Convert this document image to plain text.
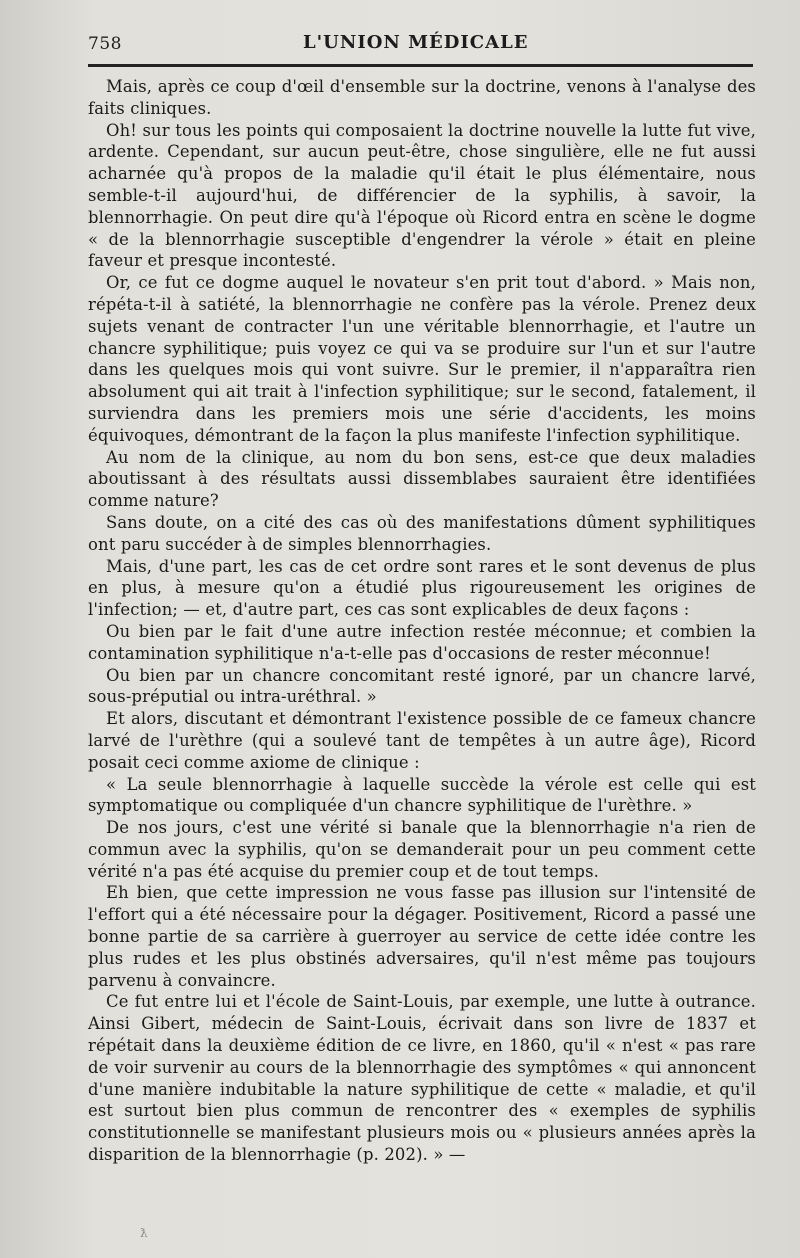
758	L'UNION MÉDICALE

Mais, après ce coup d'œil d'ensemble sur la doctrine, venons à l'analyse des faits cliniques.

Oh! sur tous les points qui composaient la doctrine nouvelle la lutte fut vive, ardente. Cependant, sur aucun peut-être, chose singulière, elle ne fut aussi acharnée qu'à propos de la maladie qu'il était le plus élémentaire, nous semble-t-il aujourd'hui, de différencier de la syphilis, à savoir, la blennorrhagie. On peut dire qu'à l'époque où Ricord entra en scène le dogme « de la blennorrhagie susceptible d'engendrer la vérole » était en pleine faveur et presque incontesté.

Or, ce fut ce dogme auquel le novateur s'en prit tout d'abord. » Mais non, répéta-t-il à satiété, la blennorrhagie ne confère pas la vérole. Prenez deux sujets venant de contracter l'un une véritable blennorrhagie, et l'autre un chancre syphilitique; puis voyez ce qui va se produire sur l'un et sur l'autre dans les quelques mois qui vont suivre. Sur le premier, il n'apparaîtra rien absolument qui ait trait à l'infection syphilitique; sur le second, fatalement, il surviendra dans les premiers mois une série d'accidents, les moins équivoques, démontrant de la façon la plus manifeste l'infection syphilitique.

Au nom de la clinique, au nom du bon sens, est-ce que deux maladies aboutissant à des résultats aussi dissemblabes sauraient être identifiées comme nature?

Sans doute, on a cité des cas où des manifestations dûment syphilitiques ont paru succéder à de simples blennorrhagies.

Mais, d'une part, les cas de cet ordre sont rares et le sont devenus de plus en plus, à mesure qu'on a étudié plus rigoureusement les origines de l'infection; — et, d'autre part, ces cas sont explicables de deux façons :

Ou bien par le fait d'une autre infection restée méconnue; et combien la contamination syphilitique n'a-t-elle pas d'occasions de rester méconnue!

Ou bien par un chancre concomitant resté ignoré, par un chancre larvé, sous-préputial ou intra-uréthral. »

Et alors, discutant et démontrant l'existence possible de ce fameux chancre larvé de l'urèthre (qui a soulevé tant de tempêtes à un autre âge), Ricord posait ceci comme axiome de clinique :

« La seule blennorrhagie à laquelle succède la vérole est celle qui est symptomatique ou compliquée d'un chancre syphilitique de l'urèthre. »

De nos jours, c'est une vérité si banale que la blennorrhagie n'a rien de commun avec la syphilis, qu'on se demanderait pour un peu comment cette vérité n'a pas été acquise du premier coup et de tout temps.

Eh bien, que cette impression ne vous fasse pas illusion sur l'intensité de l'effort qui a été nécessaire pour la dégager. Positivement, Ricord a passé une bonne partie de sa carrière à guerroyer au service de cette idée contre les plus rudes et les plus obstinés adversaires, qu'il n'est même pas toujours parvenu à convaincre.

Ce fut entre lui et l'école de Saint-Louis, par exemple, une lutte à outrance. Ainsi Gibert, médecin de Saint-Louis, écrivait dans son livre de 1837 et répétait dans la deuxième édition de ce livre, en 1860, qu'il « n'est « pas rare de voir survenir au cours de la blennorrhagie des symptômes « qui annoncent d'une manière indubitable la nature syphilitique de cette « maladie, et qu'il est surtout bien plus commun de rencontrer des « exemples de syphilis constitutionnelle se manifestant plusieurs mois ou « plusieurs années après la disparition de la blennorrhagie (p. 202). » —

ƛ
